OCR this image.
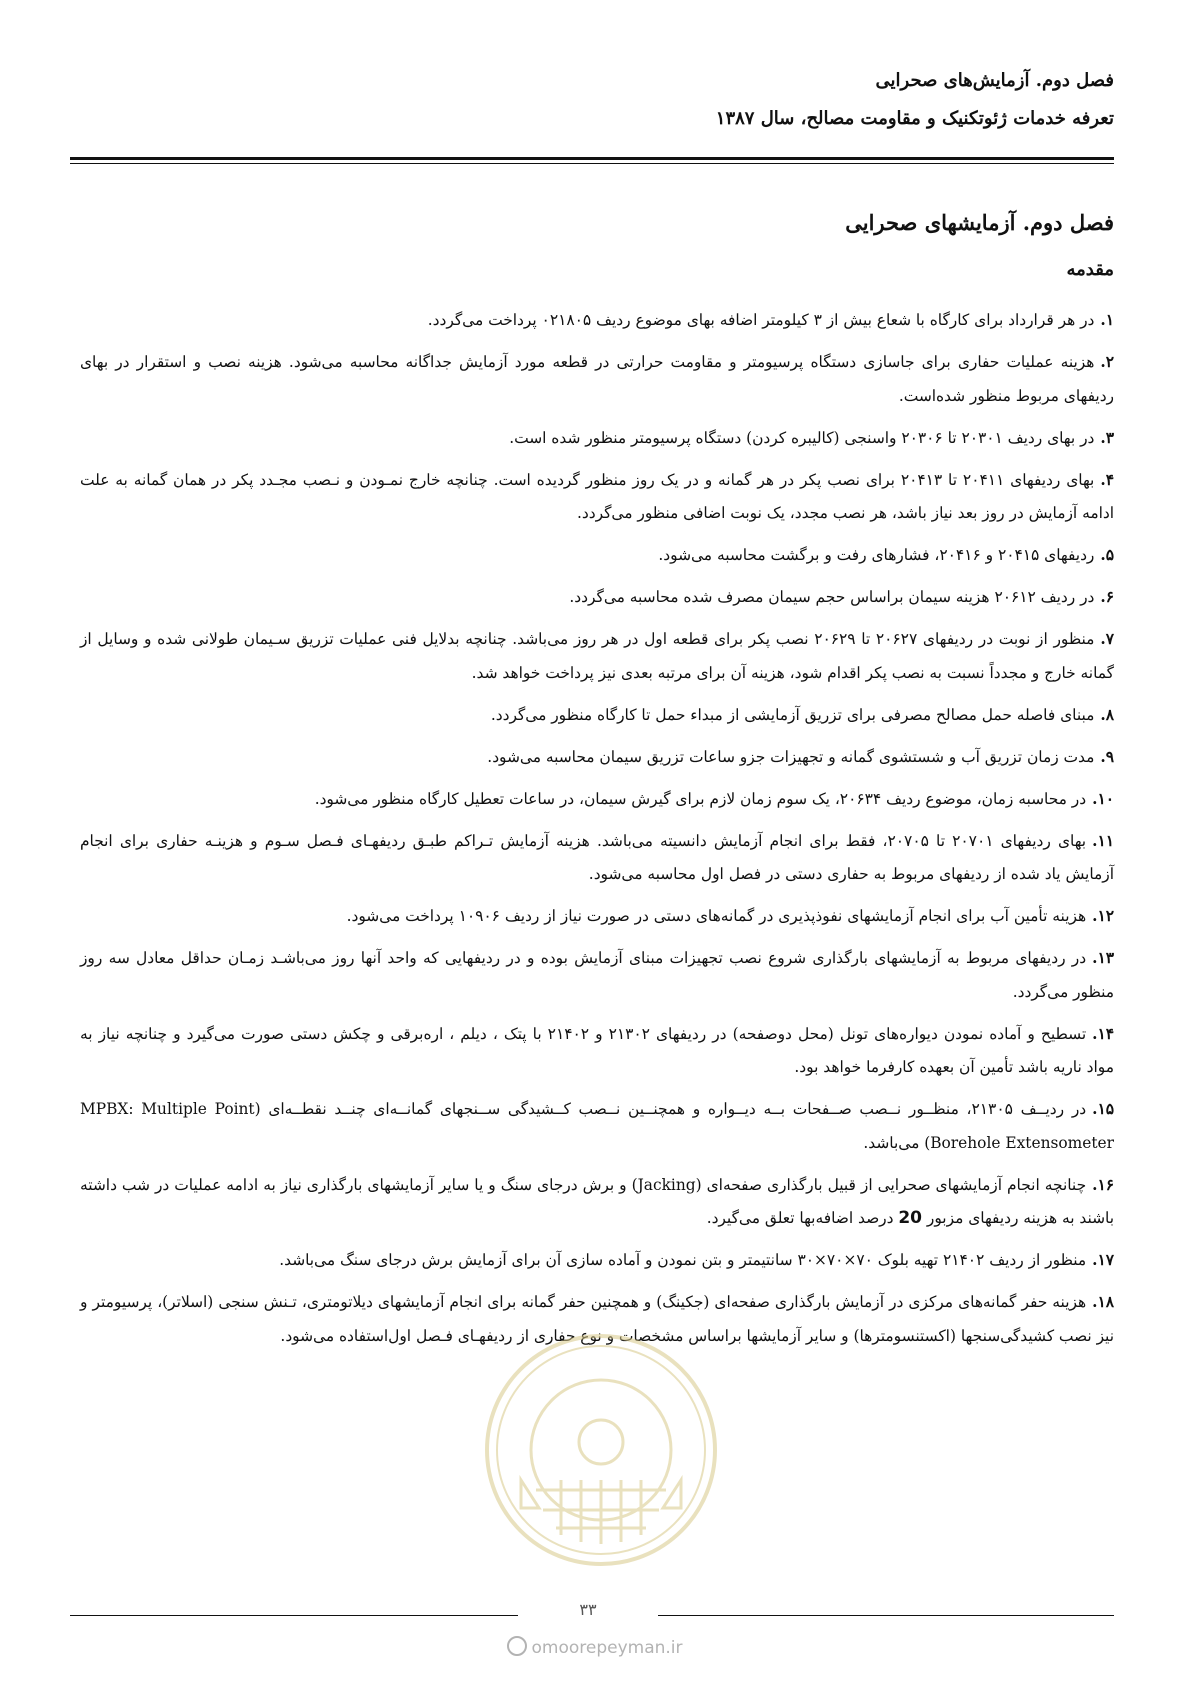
فصل دوم. آزمایش‌های صحرایی
تعرفه خدمات ژئوتکنیک و مقاومت مصالح، سال ۱۳۸۷
فصل دوم. آزمایشهای صحرایی
مقدمه
۱.در هر قرارداد برای کارگاه با شعاع بیش از ۳ کیلومتر اضافه بهای موضوع ردیف ۰۲۱۸۰۵ پرداخت می‌گردد.
۲.هزینه عملیات حفاری برای جاسازی دستگاه پرسیومتر و مقاومت حرارتی در قطعه مورد آزمایش جداگانه محاسبه می‌شود. هزینه نصب و استقرار در بهای ردیفهای مربوط منظور شده‌است.
۳.در بهای ردیف ۲۰۳۰۱ تا ۲۰۳۰۶ واسنجی (کالیبره کردن) دستگاه پرسیومتر منظور شده است.
۴.بهای ردیفهای ۲۰۴۱۱ تا ۲۰۴۱۳ برای نصب پکر در هر گمانه و در یک روز منظور گردیده است. چنانچه خارج نمـودن و نـصب مجـدد پکر در همان گمانه به علت ادامه آزمایش در روز بعد نیاز باشد، هر نصب مجدد، یک نوبت اضافی منظور می‌گردد.
۵.ردیفهای ۲۰۴۱۵ و ۲۰۴۱۶، فشارهای رفت و برگشت محاسبه می‌شود.
۶.در ردیف ۲۰۶۱۲ هزینه سیمان براساس حجم سیمان مصرف شده محاسبه می‌گردد.
۷.منظور از نوبت در ردیفهای ۲۰۶۲۷ تا ۲۰۶۲۹ نصب پکر برای قطعه اول در هر روز می‌باشد. چنانچه بدلایل فنی عملیات تزریق سـیمان طولانی شده و وسایل از گمانه خارج و مجدداً نسبت به نصب پکر اقدام شود، هزینه آن برای مرتبه بعدی نیز پرداخت خواهد شد.
۸.مبنای فاصله حمل مصالح مصرفی برای تزریق آزمایشی از مبداء حمل تا کارگاه منظور می‌گردد.
۹.مدت زمان تزریق آب و شستشوی گمانه و تجهیزات جزو ساعات تزریق سیمان محاسبه می‌شود.
۱۰.در محاسبه زمان، موضوع ردیف ۲۰۶۳۴، یک سوم زمان لازم برای گیرش سیمان، در ساعات تعطیل کارگاه منظور می‌شود.
۱۱.بهای ردیفهای ۲۰۷۰۱ تا ۲۰۷۰۵، فقط برای انجام آزمایش دانسیته می‌باشد. هزینه آزمایش تـراکم طبـق ردیفهـای فـصل سـوم و هزینـه حفاری برای انجام آزمایش یاد شده از ردیفهای مربوط به حفاری دستی در فصل اول محاسبه می‌شود.
۱۲.هزینه تأمین آب برای انجام آزمایشهای نفوذپذیری در گمانه‌های دستی در صورت نیاز از ردیف ۱۰۹۰۶ پرداخت می‌شود.
۱۳.در ردیفهای مربوط به آزمایشهای بارگذاری شروع نصب تجهیزات مبنای آزمایش بوده و در ردیفهایی که واحد آنها روز می‌باشـد زمـان حداقل معادل سه روز منظور می‌گردد.
۱۴.تسطیح و آماده نمودن دیواره‌های تونل (محل دوصفحه) در ردیفهای ۲۱۳۰۲ و ۲۱۴۰۲ با پتک ، دیلم ، اره‌برقی و چکش دستی صورت می‌گیرد و چنانچه نیاز به مواد ناریه باشد تأمین آن بعهده کارفرما خواهد بود.
۱۵.در ردیــف ۲۱۳۰۵، منظــور نــصب صــفحات بــه دیــواره و همچنــین نــصب کــشیدگی ســنجهای گمانــه‌ای چنــد نقطــه‌ای (MPBX: Multiple Point Borehole Extensometer) می‌باشد.
۱۶.چنانچه انجام آزمایشهای صحرایی از قبیل بارگذاری صفحه‌ای (Jacking) و برش درجای سنگ و یا سایر آزمایشهای بارگذاری نیاز به ادامه عملیات در شب داشته باشند به هزینه ردیفهای مزبور 20 درصد اضافه‌بها تعلق می‌گیرد.
۱۷.منظور از ردیف ۲۱۴۰۲ تهیه بلوک ۷۰×۷۰×۳۰ سانتیمتر و بتن نمودن و آماده سازی آن برای آزمایش برش درجای سنگ می‌باشد.
۱۸.هزینه حفر گمانه‌های مرکزی در آزمایش بارگذاری صفحه‌ای (جکینگ) و همچنین حفر گمانه برای انجام آزمایشهای دیلاتومتری، تـنش سنجی (اسلاتر)، پرسیومتر و نیز نصب کشیدگی‌سنجها (اکستنسومترها) و سایر آزمایشها براساس مشخصات و نوع حفاری از ردیفهـای فـصل اول‌استفاده می‌شود.
۳۳
omoorepeyman.ir
